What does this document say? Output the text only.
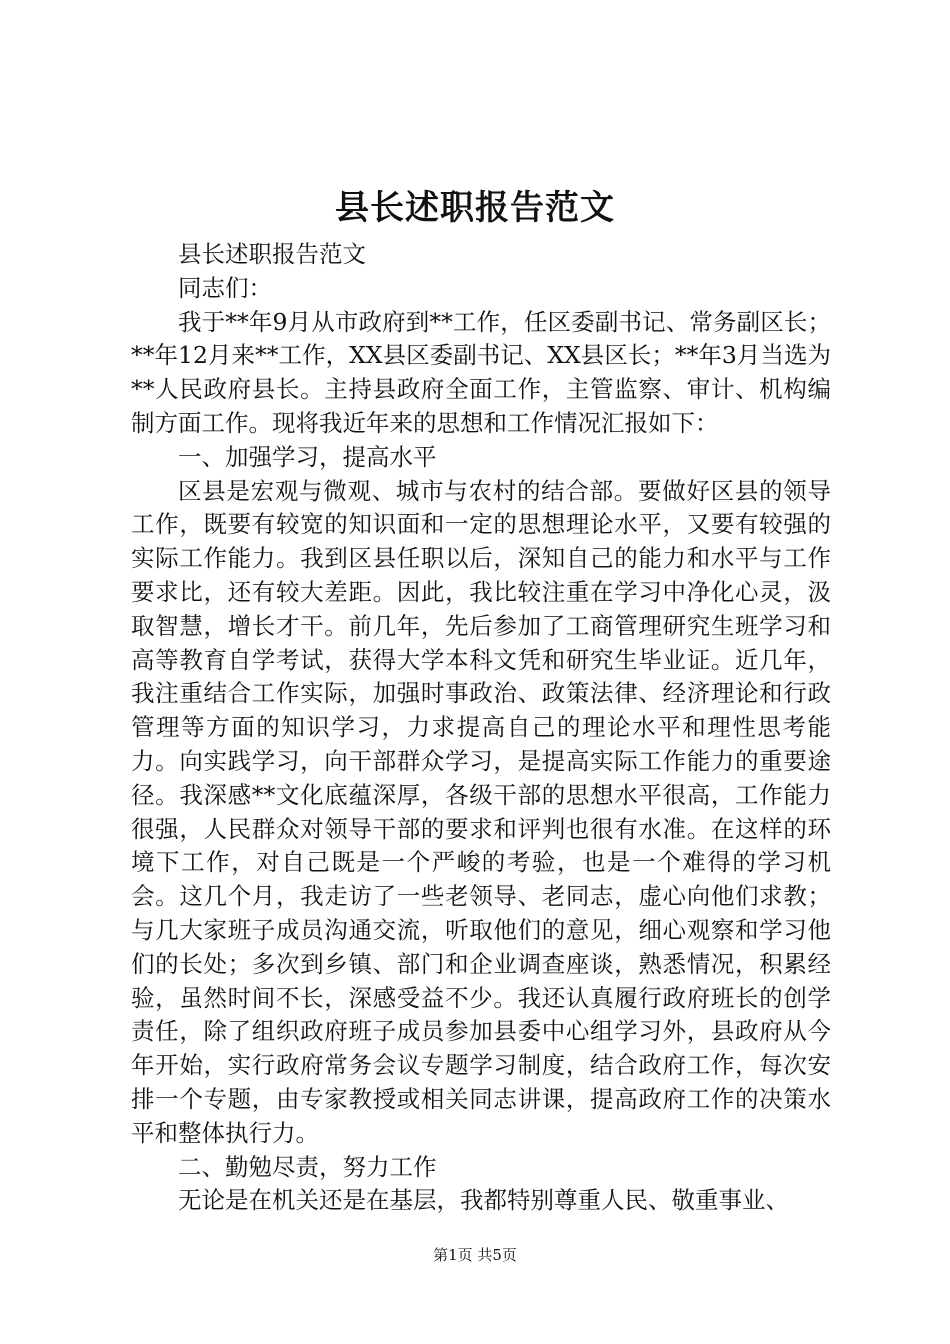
县长述职报告范文

县长述职报告范文

同志们：

我于**年9月从市政府到**工作，任区委副书记、常务副区长；**年12月来**工作，XX县区委副书记、XX县区长；**年3月当选为**人民政府县长。主持县政府全面工作，主管监察、审计、机构编制方面工作。现将我近年来的思想和工作情况汇报如下：

一、加强学习，提高水平

区县是宏观与微观、城市与农村的结合部。要做好区县的领导工作，既要有较宽的知识面和一定的思想理论水平，又要有较强的实际工作能力。我到区县任职以后，深知自己的能力和水平与工作要求比，还有较大差距。因此，我比较注重在学习中净化心灵，汲取智慧，增长才干。前几年，先后参加了工商管理研究生班学习和高等教育自学考试，获得大学本科文凭和研究生毕业证。近几年，我注重结合工作实际，加强时事政治、政策法律、经济理论和行政管理等方面的知识学习，力求提高自己的理论水平和理性思考能力。向实践学习，向干部群众学习，是提高实际工作能力的重要途径。我深感**文化底蕴深厚，各级干部的思想水平很高，工作能力很强，人民群众对领导干部的要求和评判也很有水准。在这样的环境下工作，对自己既是一个严峻的考验，也是一个难得的学习机会。这几个月，我走访了一些老领导、老同志，虚心向他们求教；与几大家班子成员沟通交流，听取他们的意见，细心观察和学习他们的长处；多次到乡镇、部门和企业调查座谈，熟悉情况，积累经验，虽然时间不长，深感受益不少。我还认真履行政府班长的创学责任，除了组织政府班子成员参加县委中心组学习外，县政府从今年开始，实行政府常务会议专题学习制度，结合政府工作，每次安排一个专题，由专家教授或相关同志讲课，提高政府工作的决策水平和整体执行力。

二、勤勉尽责，努力工作

无论是在机关还是在基层，我都特别尊重人民、敬重事业、

第1页 共5页
